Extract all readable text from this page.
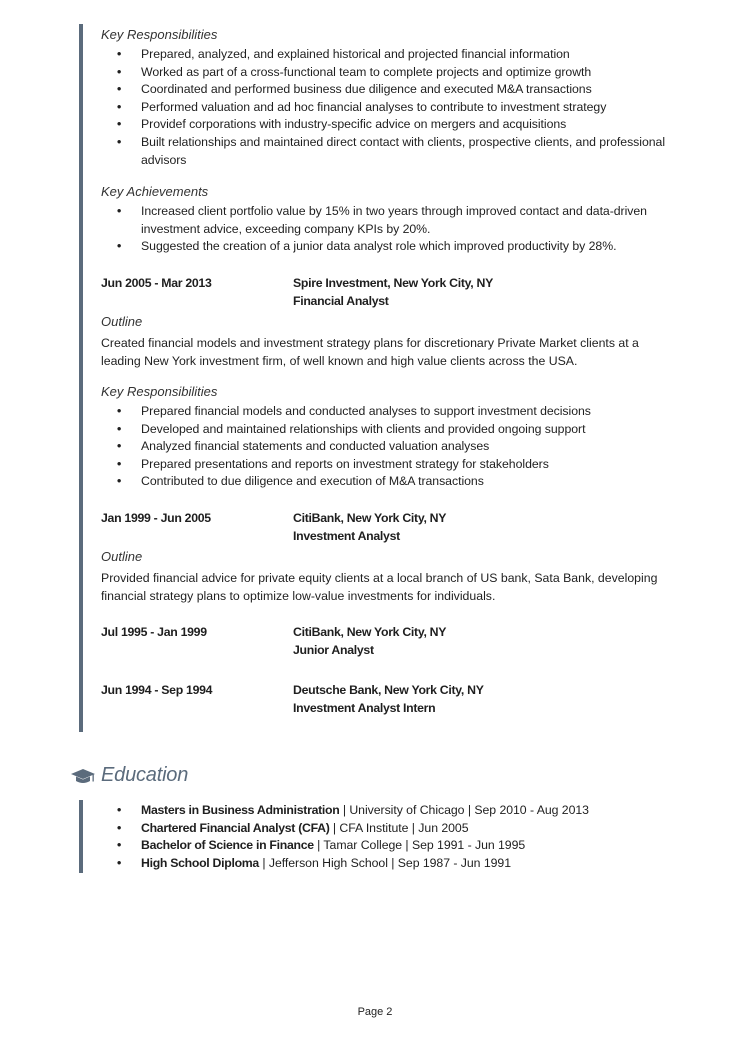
Key Responsibilities
• Prepared, analyzed, and explained historical and projected financial information
• Worked as part of a cross-functional team to complete projects and optimize growth
• Coordinated and performed business due diligence and executed M&A transactions
• Performed valuation and ad hoc financial analyses to contribute to investment strategy
• Providef corporations with industry-specific advice on mergers and acquisitions
• Built relationships and maintained direct contact with clients, prospective clients, and professional advisors
Key Achievements
• Increased client portfolio value by 15% in two years through improved contact and data-driven investment advice, exceeding company KPIs by 20%.
• Suggested the creation of a junior data analyst role which improved productivity by 28%.
Jun 2005 - Mar 2013	Spire Investment, New York City, NY
Financial Analyst
Outline

Created financial models and investment strategy plans for discretionary Private Market clients at a leading New York investment firm, of well known and high value clients across the USA.

Key Responsibilities
• Prepared financial models and conducted analyses to support investment decisions
• Developed and maintained relationships with clients and provided ongoing support
• Analyzed financial statements and conducted valuation analyses
• Prepared presentations and reports on investment strategy for stakeholders
• Contributed to due diligence and execution of M&A transactions
Jan 1999 - Jun 2005	CitiBank, New York City, NY
Investment Analyst
Outline

Provided financial advice for private equity clients at a local branch of US bank, Sata Bank, developing financial strategy plans to optimize low-value investments for individuals.

Jul 1995 - Jan 1999	CitiBank, New York City, NY
Junior Analyst
Jun 1994 - Sep 1994	Deutsche Bank, New York City, NY
Investment Analyst Intern
Education
• Masters in Business Administration | University of Chicago | Sep 2010 - Aug 2013
• Chartered Financial Analyst (CFA) | CFA Institute | Jun 2005
• Bachelor of Science in Finance | Tamar College | Sep 1991 - Jun 1995
• High School Diploma | Jefferson High School | Sep 1987 - Jun 1991
Page 2
